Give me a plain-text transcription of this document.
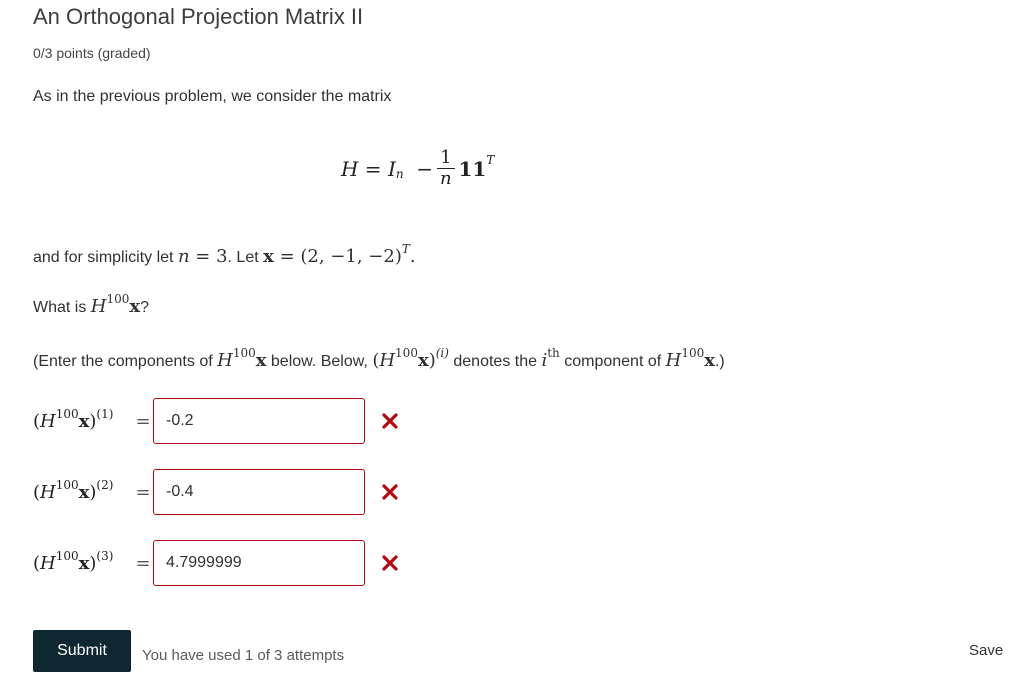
An Orthogonal Projection Matrix II
0/3 points (graded)
As in the previous problem, we consider the matrix
$H = I_n - \frac{1}{n} 11^T$
and for simplicity let n = 3. Let x = (2, −1, −2)$^T$.
What is $H^{100}x$?
(Enter the components of $H^{100}x$ below. Below, $(H^{100}x)^{(i)}$ denotes the $i^{th}$ component of $H^{100}x$.)
$(H^{100}x)^{(1)}$	=
-0.2
$(H^{100}x)^{(2)}$	=
-0.4
$(H^{100}x)^{(3)}$	=
4.7999999
Submit	You have used 1 of 3 attempts	Save
